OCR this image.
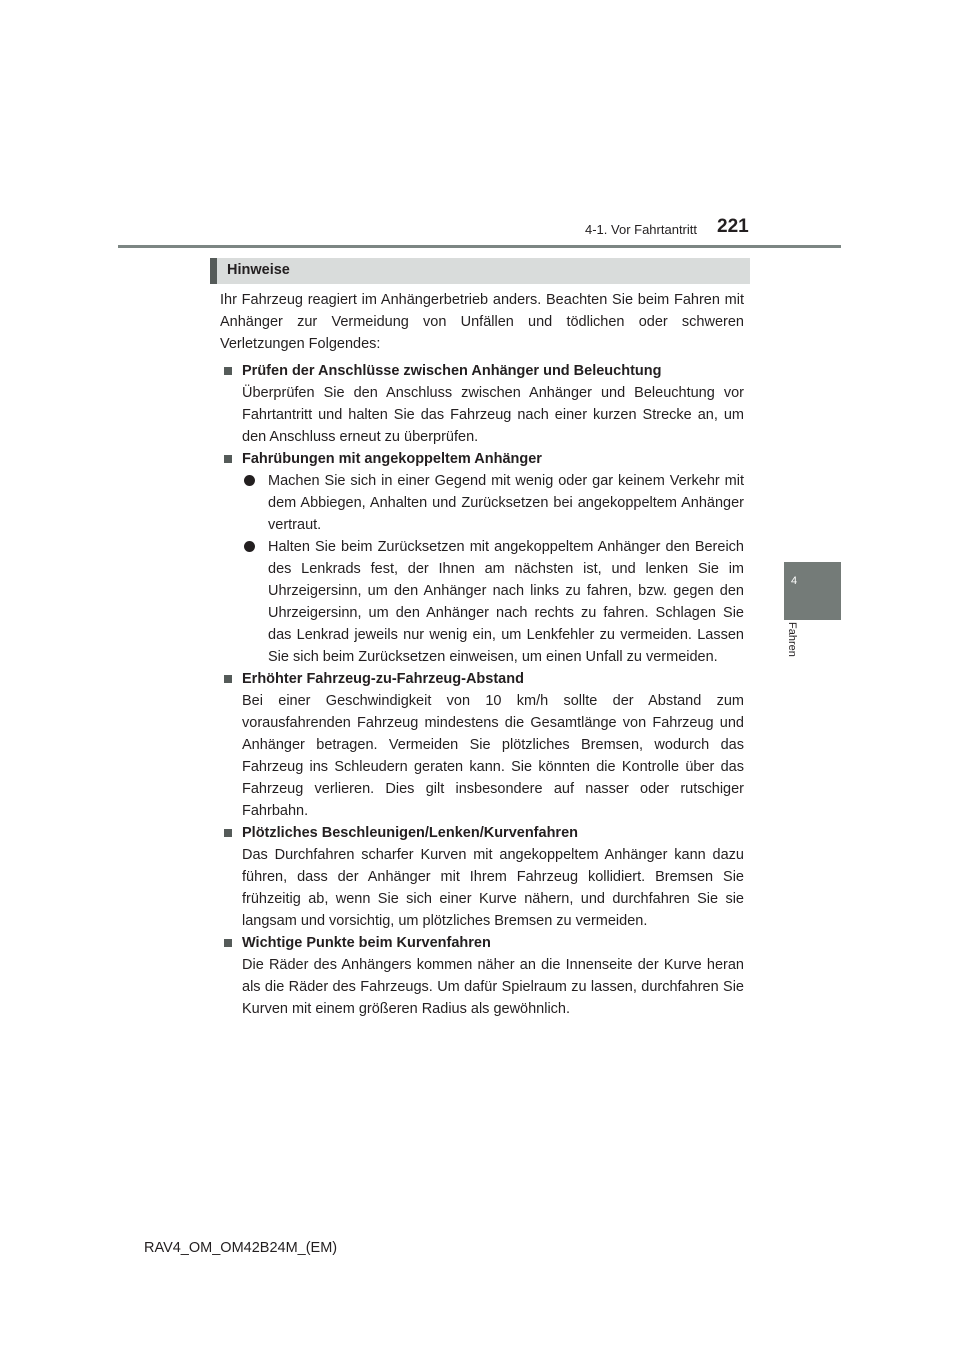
4-1. Vor Fahrtantritt 221
4
Fahren
Hinweise

Ihr Fahrzeug reagiert im Anhängerbetrieb anders. Beachten Sie beim Fahren mit Anhänger zur Vermeidung von Unfällen und tödlichen oder schweren Verletzungen Folgendes:

Prüfen der Anschlüsse zwischen Anhänger und Beleuchtung

Überprüfen Sie den Anschluss zwischen Anhänger und Beleuchtung vor Fahrtantritt und halten Sie das Fahrzeug nach einer kurzen Strecke an, um den Anschluss erneut zu überprüfen.

Fahrübungen mit angekoppeltem Anhänger

Machen Sie sich in einer Gegend mit wenig oder gar keinem Verkehr mit dem Abbiegen, Anhalten und Zurücksetzen bei angekoppeltem Anhänger vertraut.

Halten Sie beim Zurücksetzen mit angekoppeltem Anhänger den Bereich des Lenkrads fest, der Ihnen am nächsten ist, und lenken Sie im Uhrzeigersinn, um den Anhänger nach links zu fahren, bzw. gegen den Uhrzeigersinn, um den Anhänger nach rechts zu fahren. Schlagen Sie das Lenkrad jeweils nur wenig ein, um Lenkfehler zu vermeiden. Lassen Sie sich beim Zurücksetzen einweisen, um einen Unfall zu vermeiden.

Erhöhter Fahrzeug-zu-Fahrzeug-Abstand

Bei einer Geschwindigkeit von 10 km/h sollte der Abstand zum vorausfahrenden Fahrzeug mindestens die Gesamtlänge von Fahrzeug und Anhänger betragen. Vermeiden Sie plötzliches Bremsen, wodurch das Fahrzeug ins Schleudern geraten kann. Sie könnten die Kontrolle über das Fahrzeug verlieren. Dies gilt insbesondere auf nasser oder rutschiger Fahrbahn.

Plötzliches Beschleunigen/Lenken/Kurvenfahren

Das Durchfahren scharfer Kurven mit angekoppeltem Anhänger kann dazu führen, dass der Anhänger mit Ihrem Fahrzeug kollidiert. Bremsen Sie frühzeitig ab, wenn Sie sich einer Kurve nähern, und durchfahren Sie sie langsam und vorsichtig, um plötzliches Bremsen zu vermeiden.

Wichtige Punkte beim Kurvenfahren

Die Räder des Anhängers kommen näher an die Innenseite der Kurve heran als die Räder des Fahrzeugs. Um dafür Spielraum zu lassen, durchfahren Sie Kurven mit einem größeren Radius als gewöhnlich.

RAV4_OM_OM42B24M_(EM)
